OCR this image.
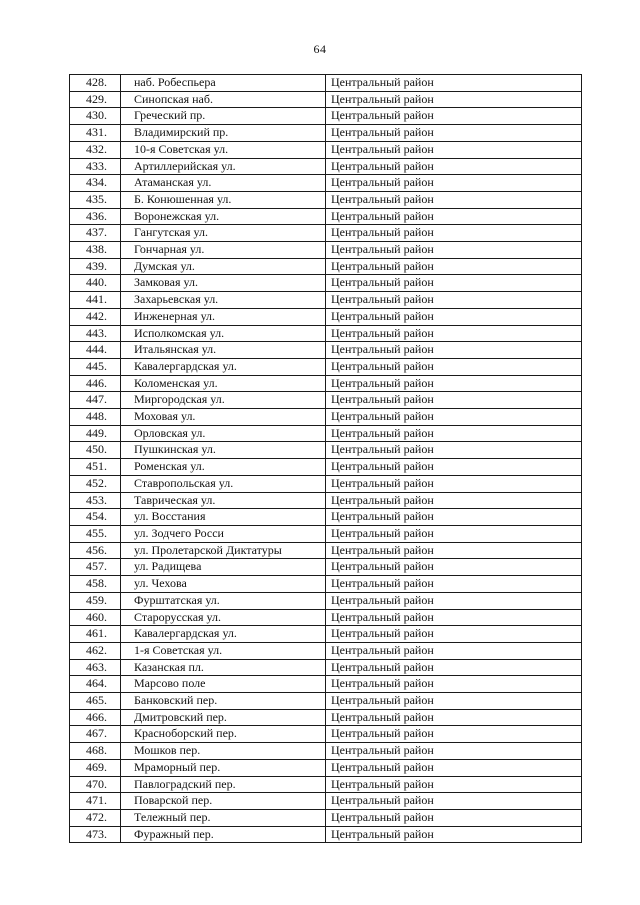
64
428.	наб. Робеспьера	Центральный район
429.	Синопская наб.	Центральный район
430.	Греческий пр.	Центральный район
431.	Владимирский пр.	Центральный район
432.	10-я Советская ул.	Центральный район
433.	Артиллерийская ул.	Центральный район
434.	Атаманская ул.	Центральный район
435.	Б. Конюшенная ул.	Центральный район
436.	Воронежская ул.	Центральный район
437.	Гангутская ул.	Центральный район
438.	Гончарная ул.	Центральный район
439.	Думская ул.	Центральный район
440.	Замковая ул.	Центральный район
441.	Захарьевская ул.	Центральный район
442.	Инженерная ул.	Центральный район
443.	Исполкомская ул.	Центральный район
444.	Итальянская ул.	Центральный район
445.	Кавалергардская ул.	Центральный район
446.	Коломенская ул.	Центральный район
447.	Миргородская ул.	Центральный район
448.	Моховая ул.	Центральный район
449.	Орловская ул.	Центральный район
450.	Пушкинская ул.	Центральный район
451.	Роменская ул.	Центральный район
452.	Ставропольская ул.	Центральный район
453.	Таврическая ул.	Центральный район
454.	ул. Восстания	Центральный район
455.	ул. Зодчего Росси	Центральный район
456.	ул. Пролетарской Диктатуры	Центральный район
457.	ул. Радищева	Центральный район
458.	ул. Чехова	Центральный район
459.	Фурштатская ул.	Центральный район
460.	Старорусская ул.	Центральный район
461.	Кавалергардская ул.	Центральный район
462.	1-я Советская ул.	Центральный район
463.	Казанская пл.	Центральный район
464.	Марсово поле	Центральный район
465.	Банковский пер.	Центральный район
466.	Дмитровский пер.	Центральный район
467.	Красноборский пер.	Центральный район
468.	Мошков пер.	Центральный район
469.	Мраморный пер.	Центральный район
470.	Павлоградский пер.	Центральный район
471.	Поварской пер.	Центральный район
472.	Тележный пер.	Центральный район
473.	Фуражный пер.	Центральный район
